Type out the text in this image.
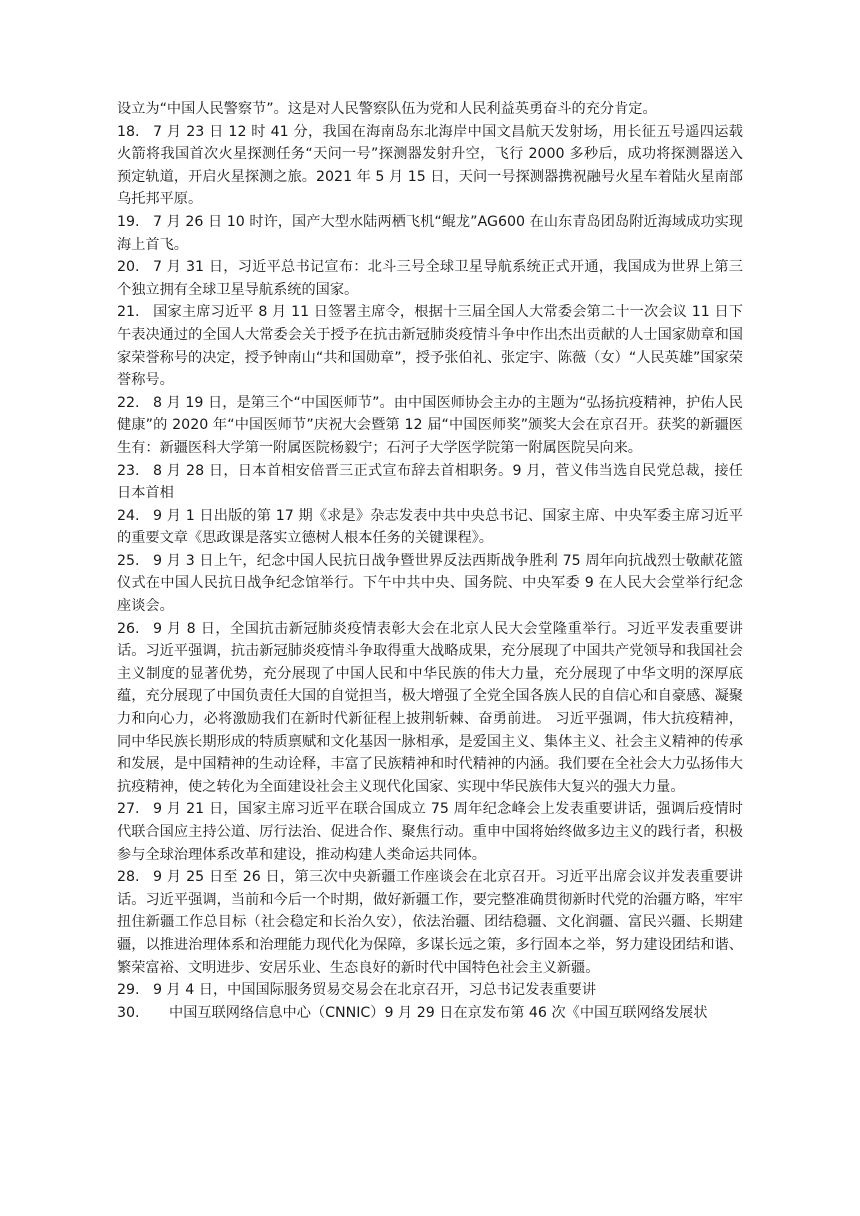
设立为“中国人民警察节”。这是对人民警察队伍为党和人民利益英勇奋斗的充分肯定。

18. 7 月 23 日 12 时 41 分，我国在海南岛东北海岸中国文昌航天发射场，用长征五号遥四运载火箭将我国首次火星探测任务“天问一号”探测器发射升空，飞行 2000 多秒后，成功将探测器送入预定轨道，开启火星探测之旅。2021 年 5 月 15 日，天问一号探测器携祝融号火星车着陆火星南部乌托邦平原。

19. 7 月 26 日 10 时许，国产大型水陆两栖飞机“鲲龙”AG600 在山东青岛团岛附近海域成功实现海上首飞。

20. 7 月 31 日，习近平总书记宣布：北斗三号全球卫星导航系统正式开通，我国成为世界上第三个独立拥有全球卫星导航系统的国家。

21. 国家主席习近平 8 月 11 日签署主席令，根据十三届全国人大常委会第二十一次会议 11 日下午表决通过的全国人大常委会关于授予在抗击新冠肺炎疫情斗争中作出杰出贡献的人士国家勋章和国家荣誉称号的决定，授予钟南山“共和国勋章”，授予张伯礼、张定宇、陈薇（女）“人民英雄”国家荣誉称号。

22. 8 月 19 日，是第三个“中国医师节”。由中国医师协会主办的主题为“弘扬抗疫精神，护佑人民健康”的 2020 年“中国医师节”庆祝大会暨第 12 届“中国医师奖”颁奖大会在京召开。获奖的新疆医生有：新疆医科大学第一附属医院杨毅宁；石河子大学医学院第一附属医院吴向来。

23. 8 月 28 日，日本首相安倍晋三正式宣布辞去首相职务。9 月，菅义伟当选自民党总裁，接任日本首相

24. 9 月 1 日出版的第 17 期《求是》杂志发表中共中央总书记、国家主席、中央军委主席习近平的重要文章《思政课是落实立德树人根本任务的关键课程》。

25. 9 月 3 日上午，纪念中国人民抗日战争暨世界反法西斯战争胜利 75 周年向抗战烈士敬献花篮仪式在中国人民抗日战争纪念馆举行。下午中共中央、国务院、中央军委 9 在人民大会堂举行纪念座谈会。

26. 9 月 8 日，全国抗击新冠肺炎疫情表彰大会在北京人民大会堂隆重举行。习近平发表重要讲话。习近平强调，抗击新冠肺炎疫情斗争取得重大战略成果，充分展现了中国共产党领导和我国社会主义制度的显著优势，充分展现了中国人民和中华民族的伟大力量，充分展现了中华文明的深厚底蕴，充分展现了中国负责任大国的自觉担当，极大增强了全党全国各族人民的自信心和自豪感、凝聚力和向心力，必将激励我们在新时代新征程上披荆斩棘、奋勇前进。 习近平强调，伟大抗疫精神，同中华民族长期形成的特质禀赋和文化基因一脉相承，是爱国主义、集体主义、社会主义精神的传承和发展，是中国精神的生动诠释，丰富了民族精神和时代精神的内涵。我们要在全社会大力弘扬伟大抗疫精神，使之转化为全面建设社会主义现代化国家、实现中华民族伟大复兴的强大力量。

27. 9 月 21 日，国家主席习近平在联合国成立 75 周年纪念峰会上发表重要讲话，强调后疫情时代联合国应主持公道、厉行法治、促进合作、聚焦行动。重申中国将始终做多边主义的践行者，积极参与全球治理体系改革和建设，推动构建人类命运共同体。

28. 9 月 25 日至 26 日，第三次中央新疆工作座谈会在北京召开。习近平出席会议并发表重要讲话。习近平强调，当前和今后一个时期，做好新疆工作，要完整准确贯彻新时代党的治疆方略，牢牢扭住新疆工作总目标（社会稳定和长治久安），依法治疆、团结稳疆、文化润疆、富民兴疆、长期建疆，以推进治理体系和治理能力现代化为保障，多谋长远之策，多行固本之举，努力建设团结和谐、繁荣富裕、文明进步、安居乐业、生态良好的新时代中国特色社会主义新疆。

29. 9 月 4 日，中国国际服务贸易交易会在北京召开，习总书记发表重要讲

30. 中国互联网络信息中心（CNNIC）9 月 29 日在京发布第 46 次《中国互联网络发展状
